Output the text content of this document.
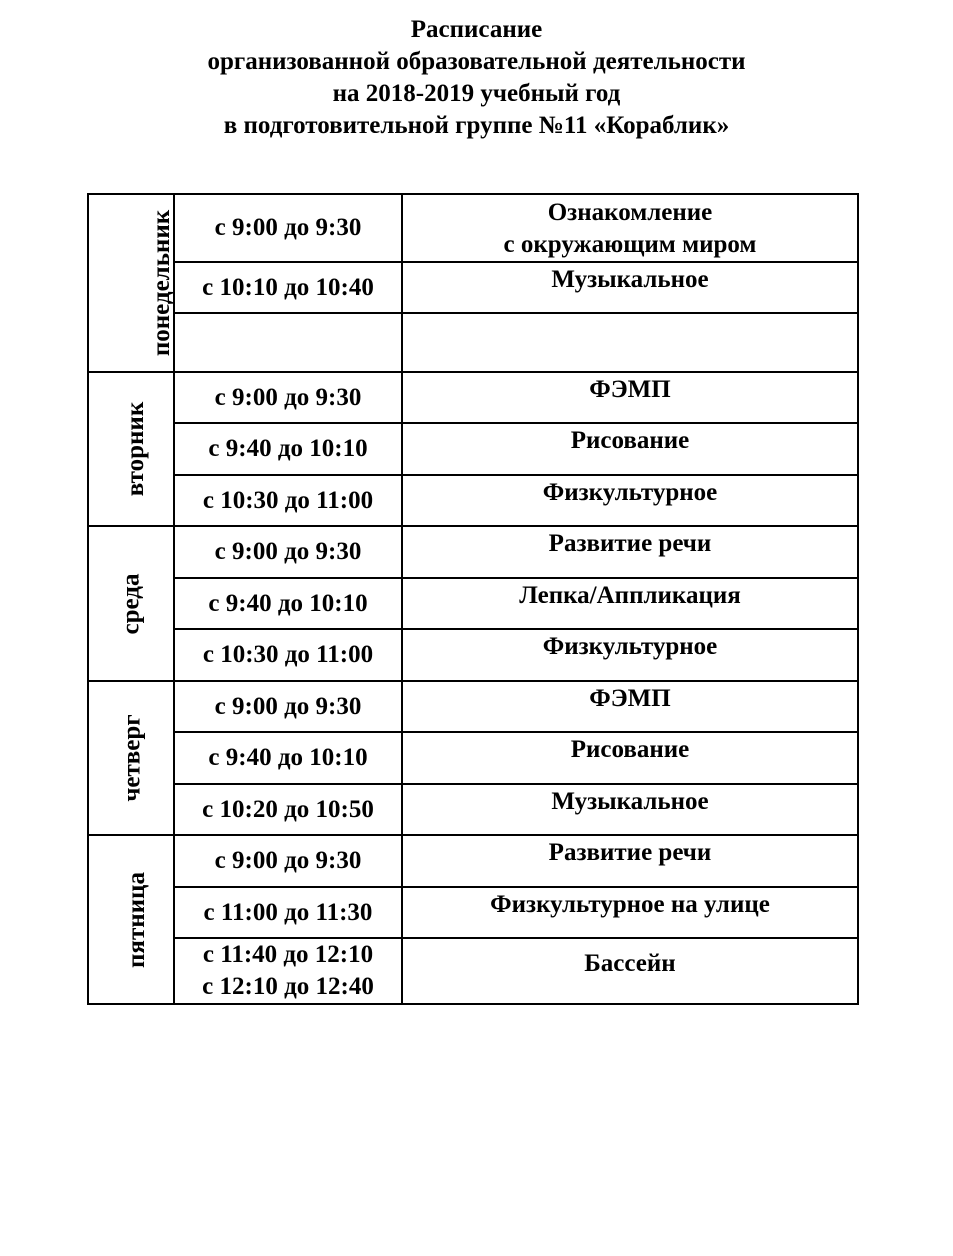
Расписание
организованной образовательной деятельности
на 2018-2019 учебный год
в подготовительной группе №11 «Кораблик»
понедельник	с 9:00 до 9:30	Ознакомление
с окружающим миром
	с 10:10 до 10:40	Музыкальное

вторник	с 9:00 до 9:30	ФЭМП
	с 9:40 до 10:10	Рисование
	с 10:30 до 11:00	Физкультурное
среда	с 9:00 до 9:30	Развитие речи
	с 9:40 до 10:10	Лепка/Аппликация
	с 10:30 до 11:00	Физкультурное
четверг	с 9:00 до 9:30	ФЭМП
	с 9:40 до 10:10	Рисование
	с 10:20 до 10:50	Музыкальное
пятница	с 9:00 до 9:30	Развитие речи
	с 11:00 до 11:30	Физкультурное на улице
	с 11:40 до 12:10
с 12:10 до 12:40	Бассейн
